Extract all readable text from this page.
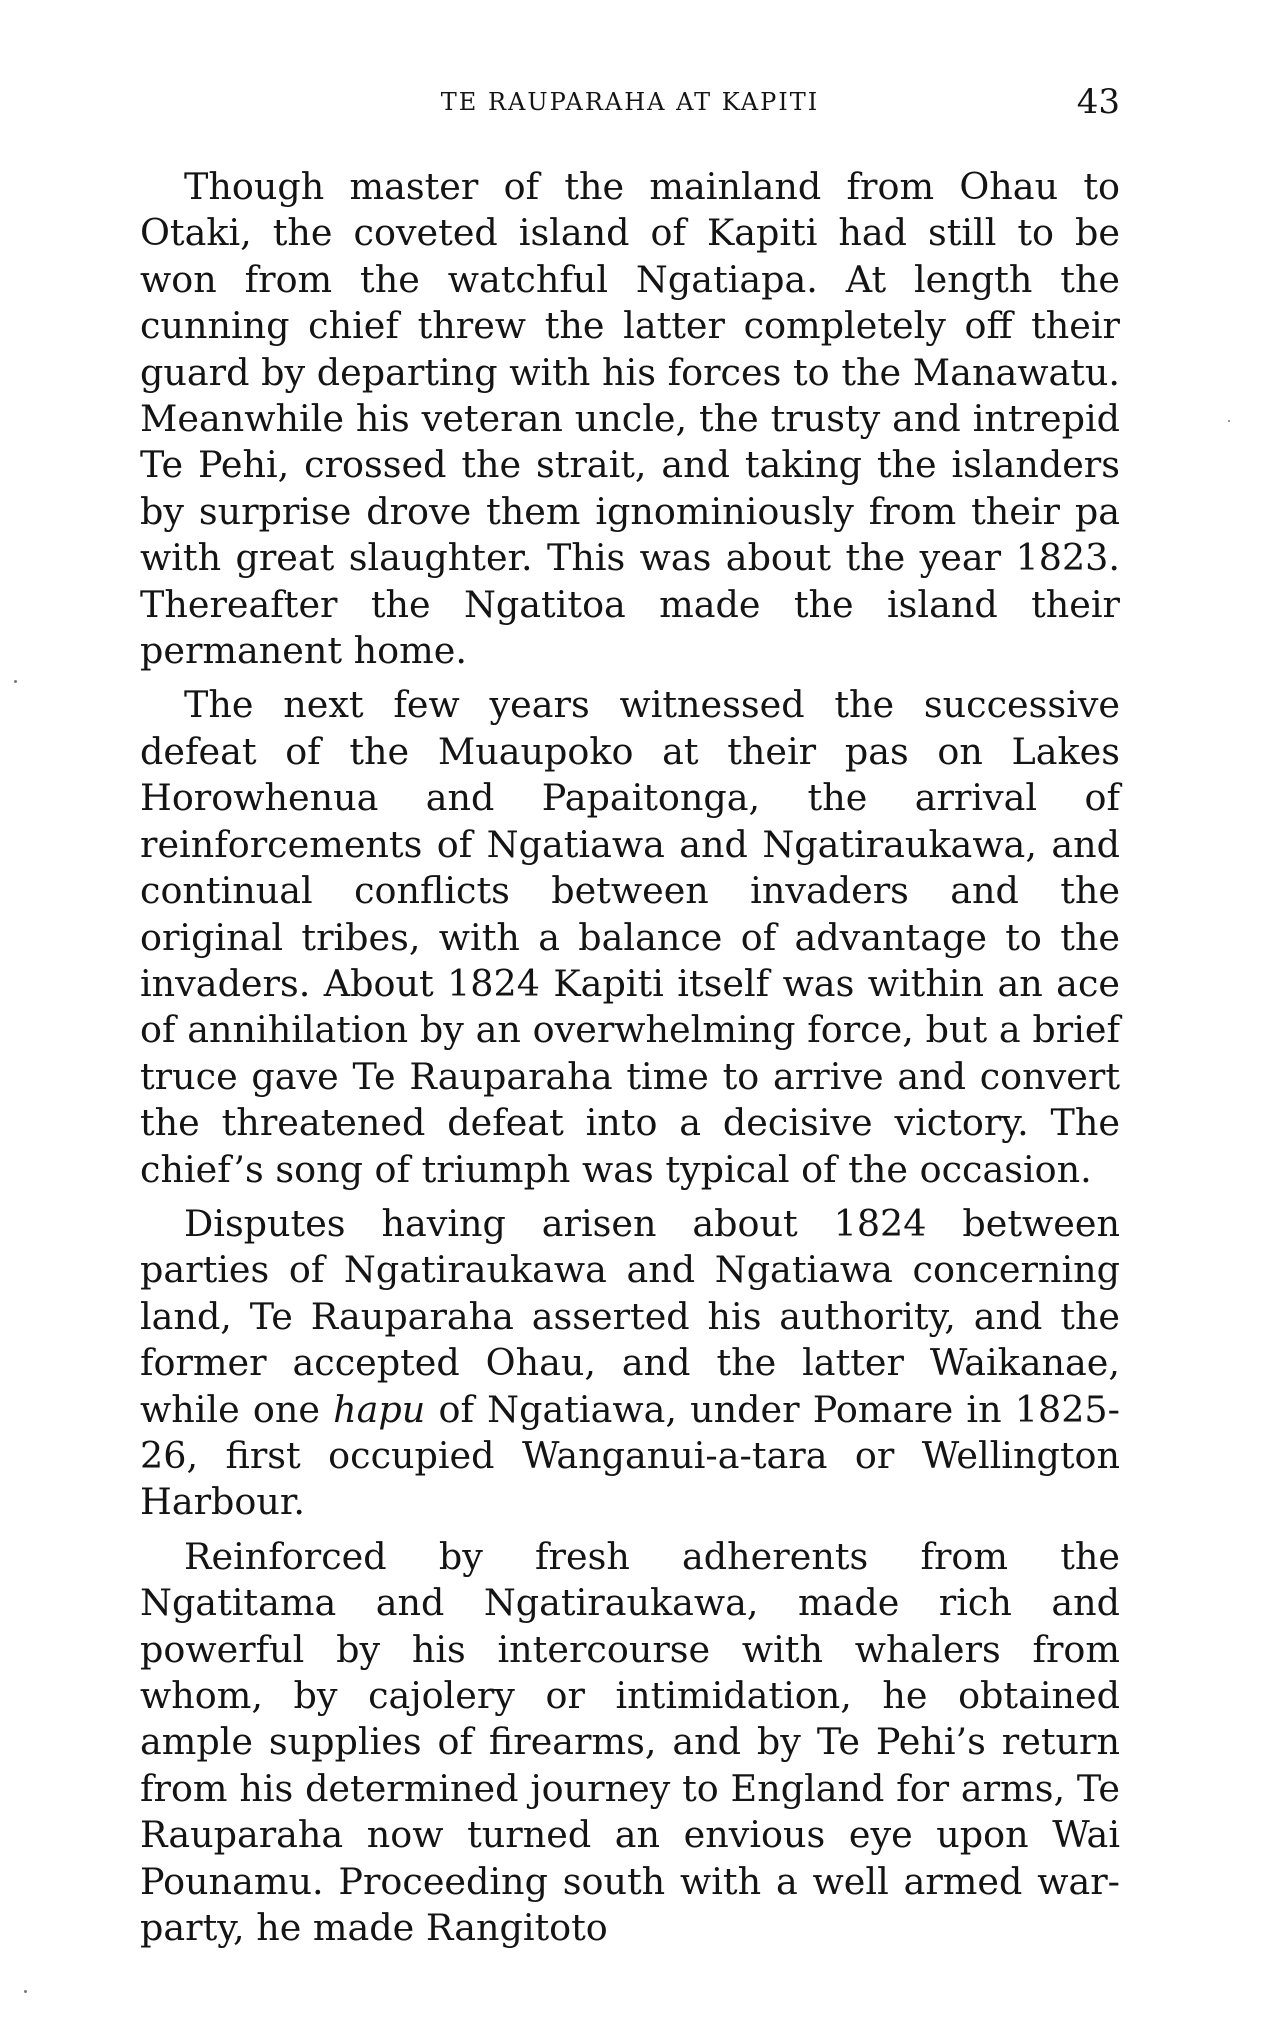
TE RAUPARAHA AT KAPITI	43

Though master of the mainland from Ohau to Otaki, the coveted island of Kapiti had still to be won from the watchful Ngatiapa. At length the cunning chief threw the latter completely off their guard by departing with his forces to the Manawatu. Meanwhile his veteran uncle, the trusty and intrepid Te Pehi, crossed the strait, and taking the islanders by surprise drove them ignominiously from their pa with great slaughter. This was about the year 1823. Thereafter the Ngatitoa made the island their permanent home.

The next few years witnessed the successive defeat of the Muaupoko at their pas on Lakes Horowhenua and Papaitonga, the arrival of reinforcements of Ngatiawa and Ngatiraukawa, and continual conflicts between invaders and the original tribes, with a balance of advantage to the invaders. About 1824 Kapiti itself was within an ace of annihilation by an overwhelming force, but a brief truce gave Te Rauparaha time to arrive and convert the threatened defeat into a decisive victory. The chief’s song of triumph was typical of the occasion.

Disputes having arisen about 1824 between parties of Ngatiraukawa and Ngatiawa concerning land, Te Rauparaha asserted his authority, and the former accepted Ohau, and the latter Waikanae, while one hapu of Ngatiawa, under Pomare in 1825-26, first occupied Wanganui-a-tara or Wellington Harbour.

Reinforced by fresh adherents from the Ngatitama and Ngatiraukawa, made rich and powerful by his intercourse with whalers from whom, by cajolery or intimidation, he obtained ample supplies of firearms, and by Te Pehi’s return from his determined journey to England for arms, Te Rauparaha now turned an envious eye upon Wai Pounamu. Proceeding south with a well armed war-party, he made Rangitoto
